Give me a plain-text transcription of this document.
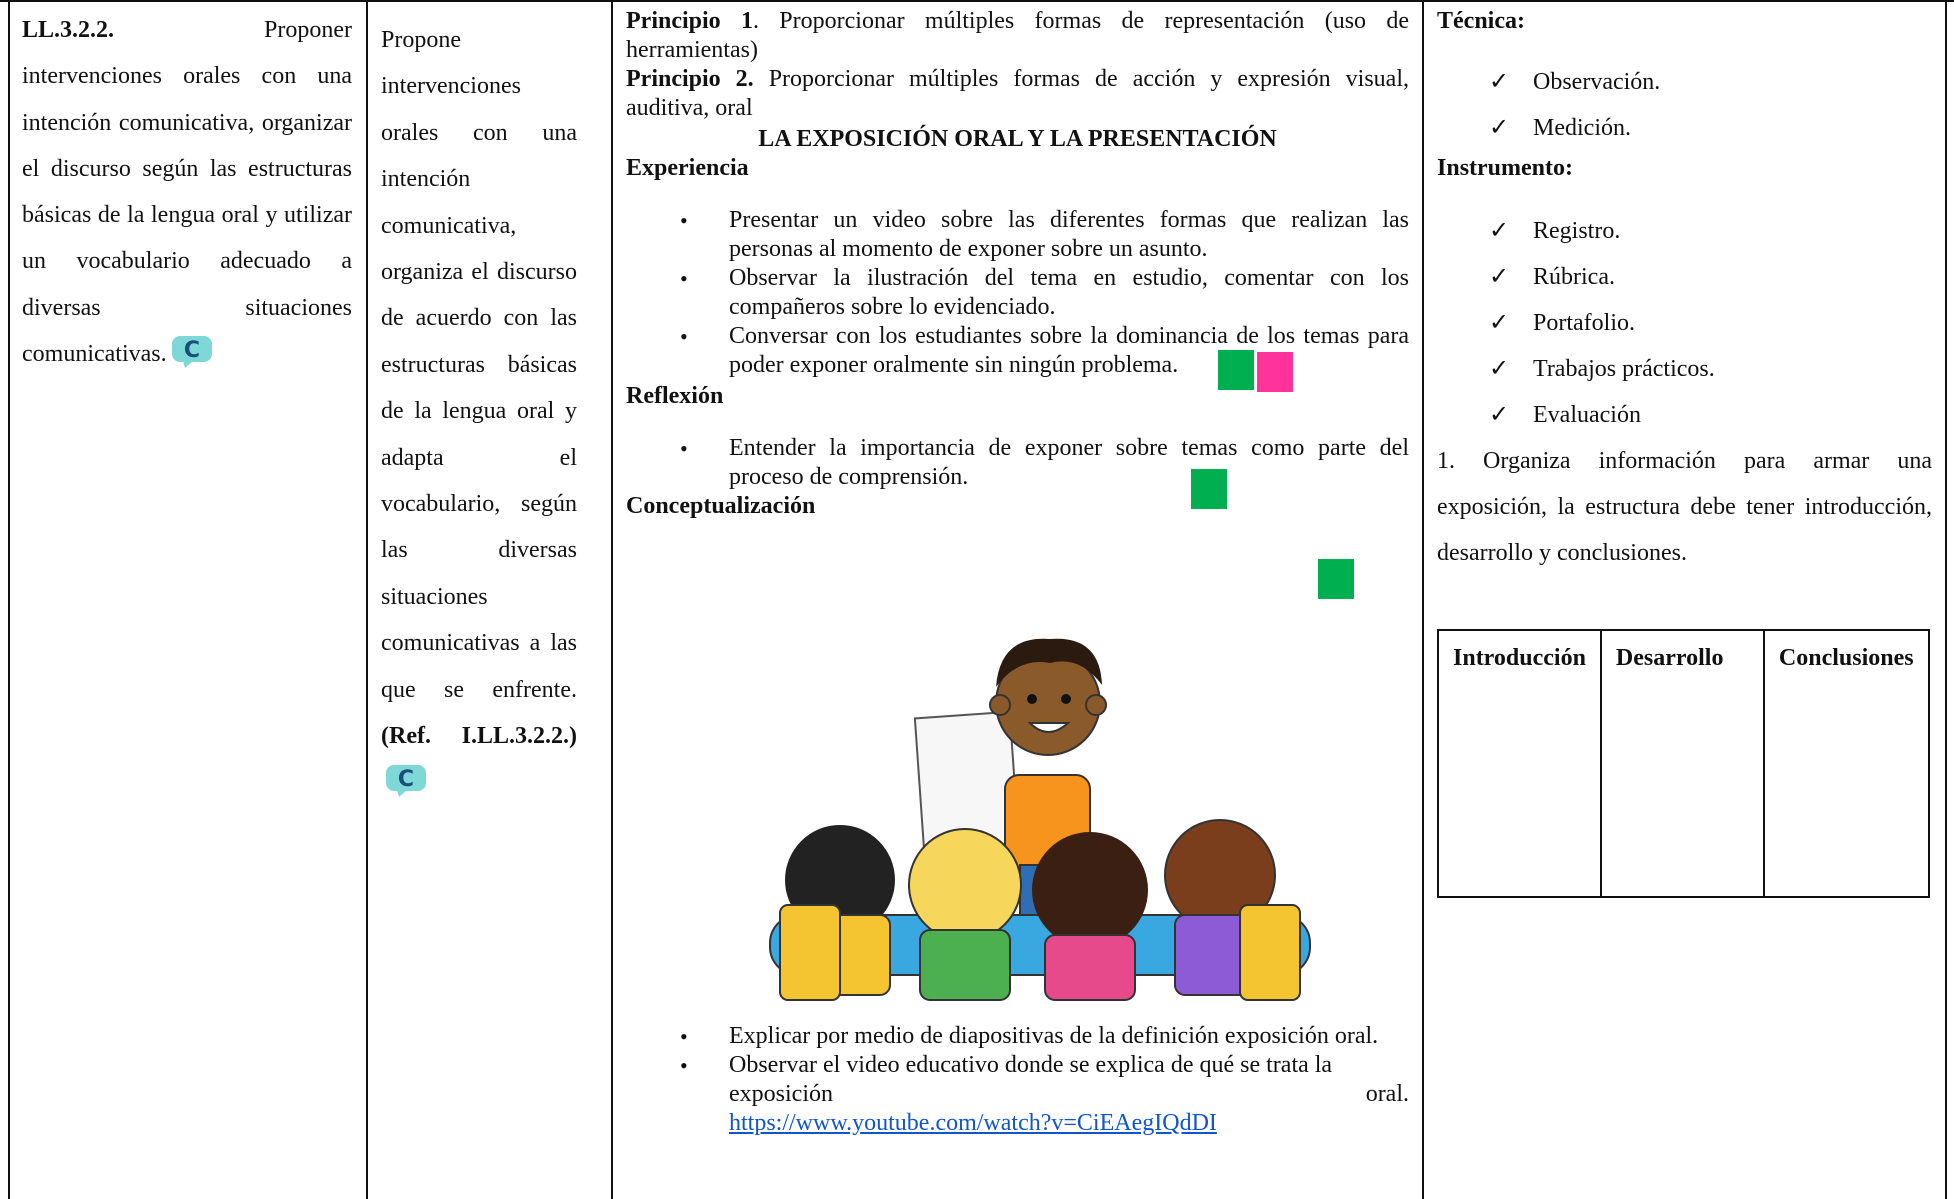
LL.3.2.2.	Proponer
intervenciones orales con una intención comunicativa, organizar el discurso según las estructuras básicas de la lengua oral y utilizar un vocabulario adecuado a diversas situaciones comunicativas. C
Propone intervenciones orales con una intención comunicativa, organiza el discurso de acuerdo con las estructuras básicas de la lengua oral y adapta el vocabulario, según las diversas situaciones comunicativas a las que se enfrente. (Ref. I.LL.3.2.2.)
C
Principio 1. Proporcionar múltiples formas de representación (uso de herramientas)
Principio 2. Proporcionar múltiples formas de acción y expresión visual, auditiva, oral
LA EXPOSICIÓN ORAL Y LA PRESENTACIÓN
Experiencia
• Presentar un video sobre las diferentes formas que realizan las personas al momento de exponer sobre un asunto.
• Observar la ilustración del tema en estudio, comentar con los compañeros sobre lo evidenciado.
• Conversar con los estudiantes sobre la dominancia de los temas para poder exponer oralmente sin ningún problema.
Reflexión
• Entender la importancia de exponer sobre temas como parte del proceso de comprensión.
Conceptualización
• Explicar por medio de diapositivas de la definición exposición oral.
• Observar el video educativo donde se explica de qué se trata la
exposición	oral.
https://www.youtube.com/watch?v=CiEAegIQdDI
Técnica:
✓ Observación.
✓ Medición.
Instrumento:
✓ Registro.
✓ Rúbrica.
✓ Portafolio.
✓ Trabajos prácticos.
✓ Evaluación
1. Organiza información para armar una exposición, la estructura debe tener introducción, desarrollo y conclusiones.
Introducción	Desarrollo	Conclusiones
